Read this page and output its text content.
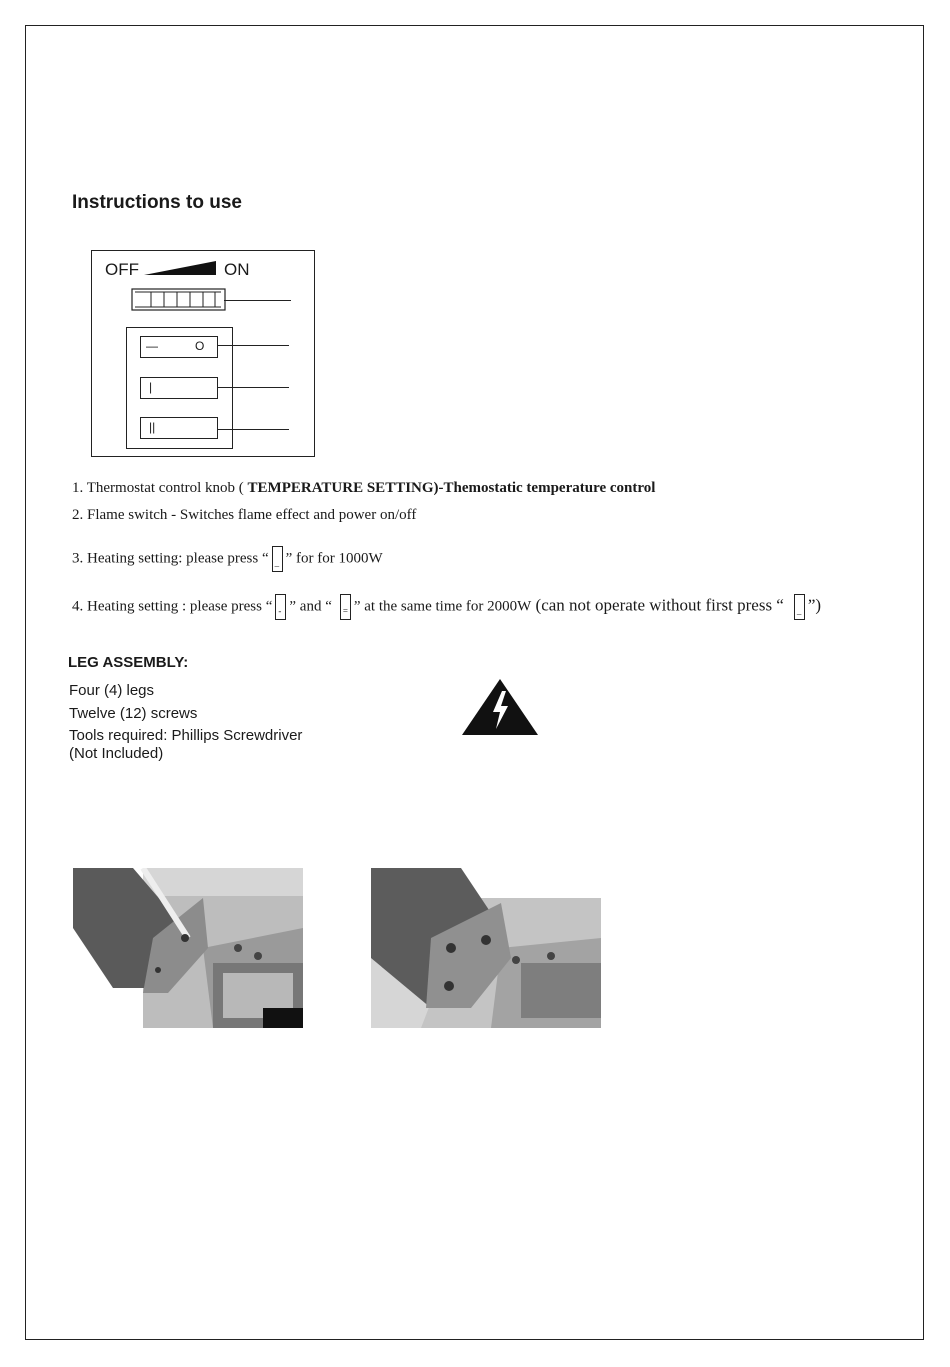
Instructions to use
OFF	ON
—	O
|
||
1. Thermostat control knob ( TEMPERATURE SETTING)-Themostatic temperature control
2. Flame switch - Switches flame effect and power on/off
3. Heating setting: please press “ _ ” for for 1000W
4. Heating setting : please press “ - ” and “ = ” at the same time for 2000W (can not operate without first press “ _ ”)
LEG ASSEMBLY:
Four (4) legs
Twelve (12) screws
Tools required: Phillips Screwdriver
(Not Included)
